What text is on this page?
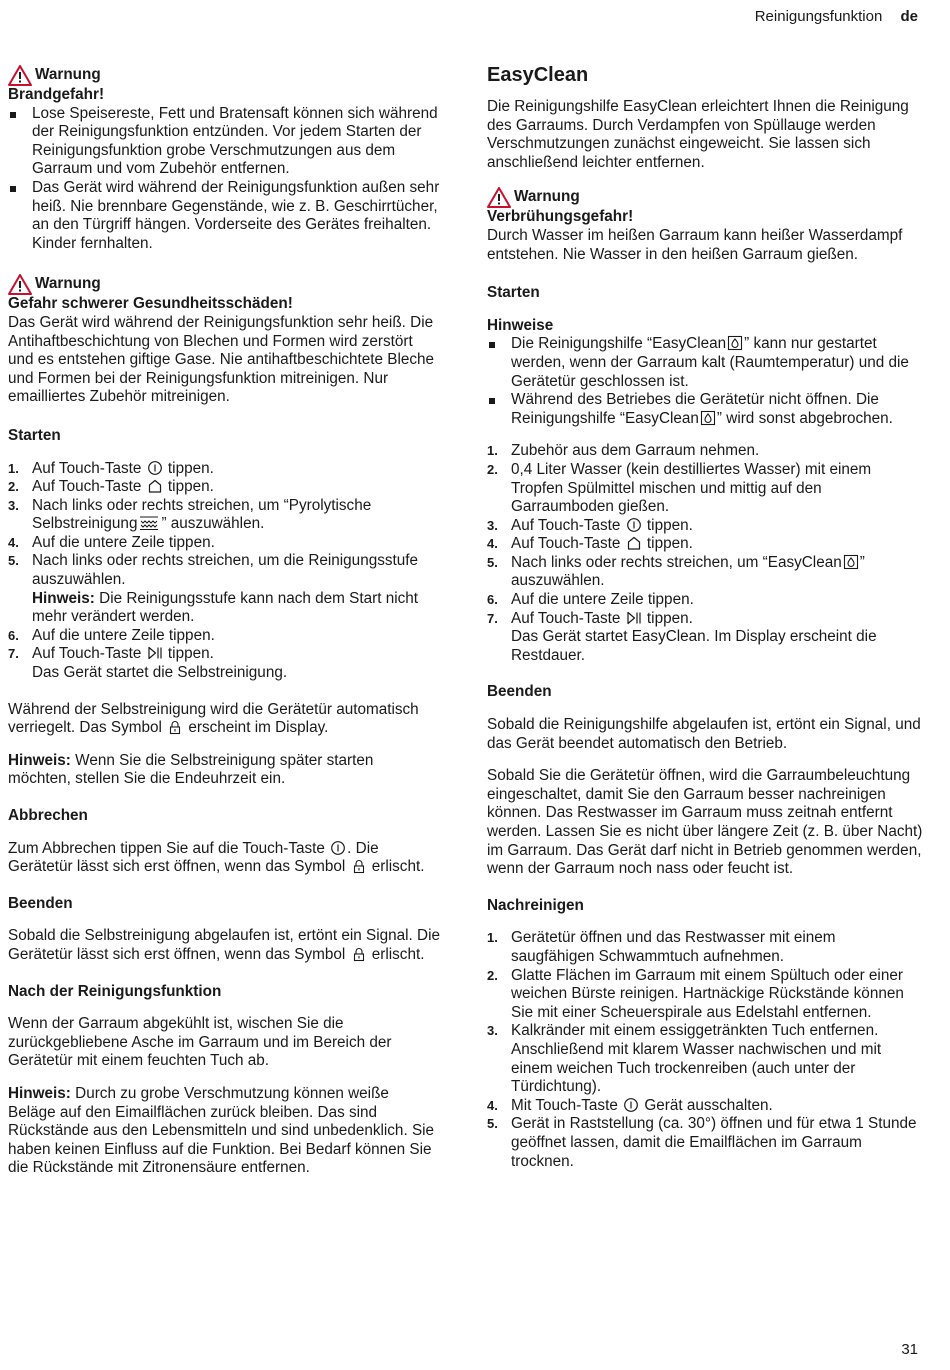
Reinigungsfunktion de
Warnung
Brandgefahr!
Lose Speisereste, Fett und Bratensaft können sich während der Reinigungsfunktion entzünden. Vor jedem Starten der Reinigungsfunktion grobe Verschmutzungen aus dem Garraum und vom Zubehör entfernen.
Das Gerät wird während der Reinigungsfunktion außen sehr heiß. Nie brennbare Gegenstände, wie z. B. Geschirrtücher, an den Türgriff hängen. Vorderseite des Gerätes freihalten. Kinder fernhalten.
Warnung
Gefahr schwerer Gesundheitsschäden!
Das Gerät wird während der Reinigungsfunktion sehr heiß. Die Antihaftbeschichtung von Blechen und Formen wird zerstört und es entstehen giftige Gase. Nie antihaftbeschichtete Bleche und Formen bei der Reinigungsfunktion mitreinigen. Nur emailliertes Zubehör mitreinigen.
Starten
1. Auf Touch-Taste tippen.
2. Auf Touch-Taste tippen.
3. Nach links oder rechts streichen, um “Pyrolytische Selbstreinigung ” auszuwählen.
4. Auf die untere Zeile tippen.
5. Nach links oder rechts streichen, um die Reinigungsstufe auszuwählen.
Hinweis: Die Reinigungsstufe kann nach dem Start nicht mehr verändert werden.
6. Auf die untere Zeile tippen.
7. Auf Touch-Taste tippen.
Das Gerät startet die Selbstreinigung.

Während der Selbstreinigung wird die Gerätetür automatisch verriegelt. Das Symbol erscheint im Display.

Hinweis: Wenn Sie die Selbstreinigung später starten möchten, stellen Sie die Endeuhrzeit ein.

Abbrechen

Zum Abbrechen tippen Sie auf die Touch-Taste . Die Gerätetür lässt sich erst öffnen, wenn das Symbol erlischt.

Beenden

Sobald die Selbstreinigung abgelaufen ist, ertönt ein Signal. Die Gerätetür lässt sich erst öffnen, wenn das Symbol erlischt.

Nach der Reinigungsfunktion

Wenn der Garraum abgekühlt ist, wischen Sie die zurückgebliebene Asche im Garraum und im Bereich der Gerätetür mit einem feuchten Tuch ab.

Hinweis: Durch zu grobe Verschmutzung können weiße Beläge auf den Eimailflächen zurück bleiben. Das sind Rückstände aus den Lebensmitteln und sind unbedenklich. Sie haben keinen Einfluss auf die Funktion. Bei Bedarf können Sie die Rückstände mit Zitronensäure entfernen.

EasyClean

Die Reinigungshilfe EasyClean erleichtert Ihnen die Reinigung des Garraums. Durch Verdampfen von Spüllauge werden Verschmutzungen zunächst eingeweicht. Sie lassen sich anschließend leichter entfernen.

Warnung
Verbrühungsgefahr!
Durch Wasser im heißen Garraum kann heißer Wasserdampf entstehen. Nie Wasser in den heißen Garraum gießen.
Starten
Hinweise
Die Reinigungshilfe “EasyClean ” kann nur gestartet werden, wenn der Garraum kalt (Raumtemperatur) und die Gerätetür geschlossen ist.
Während des Betriebes die Gerätetür nicht öffnen. Die Reinigungshilfe “EasyClean ” wird sonst abgebrochen.
1. Zubehör aus dem Garraum nehmen.
2. 0,4 Liter Wasser (kein destilliertes Wasser) mit einem Tropfen Spülmittel mischen und mittig auf den Garraumboden gießen.
3. Auf Touch-Taste tippen.
4. Auf Touch-Taste tippen.
5. Nach links oder rechts streichen, um “EasyClean ” auszuwählen.
6. Auf die untere Zeile tippen.
7. Auf Touch-Taste tippen.
Das Gerät startet EasyClean. Im Display erscheint die Restdauer.
Beenden

Sobald die Reinigungshilfe abgelaufen ist, ertönt ein Signal, und das Gerät beendet automatisch den Betrieb.

Sobald Sie die Gerätetür öffnen, wird die Garraumbeleuchtung eingeschaltet, damit Sie den Garraum besser nachreinigen können. Das Restwasser im Garraum muss zeitnah entfernt werden. Lassen Sie es nicht über längere Zeit (z. B. über Nacht) im Garraum. Das Gerät darf nicht in Betrieb genommen werden, wenn der Garraum noch nass oder feucht ist.

Nachreinigen
1. Gerätetür öffnen und das Restwasser mit einem saugfähigen Schwammtuch aufnehmen.
2. Glatte Flächen im Garraum mit einem Spültuch oder einer weichen Bürste reinigen. Hartnäckige Rückstände können Sie mit einer Scheuerspirale aus Edelstahl entfernen.
3. Kalkränder mit einem essiggetränkten Tuch entfernen. Anschließend mit klarem Wasser nachwischen und mit einem weichen Tuch trockenreiben (auch unter der Türdichtung).
4. Mit Touch-Taste Gerät ausschalten.
5. Gerät in Raststellung (ca. 30°) öffnen und für etwa 1 Stunde geöffnet lassen, damit die Emailflächen im Garraum trocknen.
31
